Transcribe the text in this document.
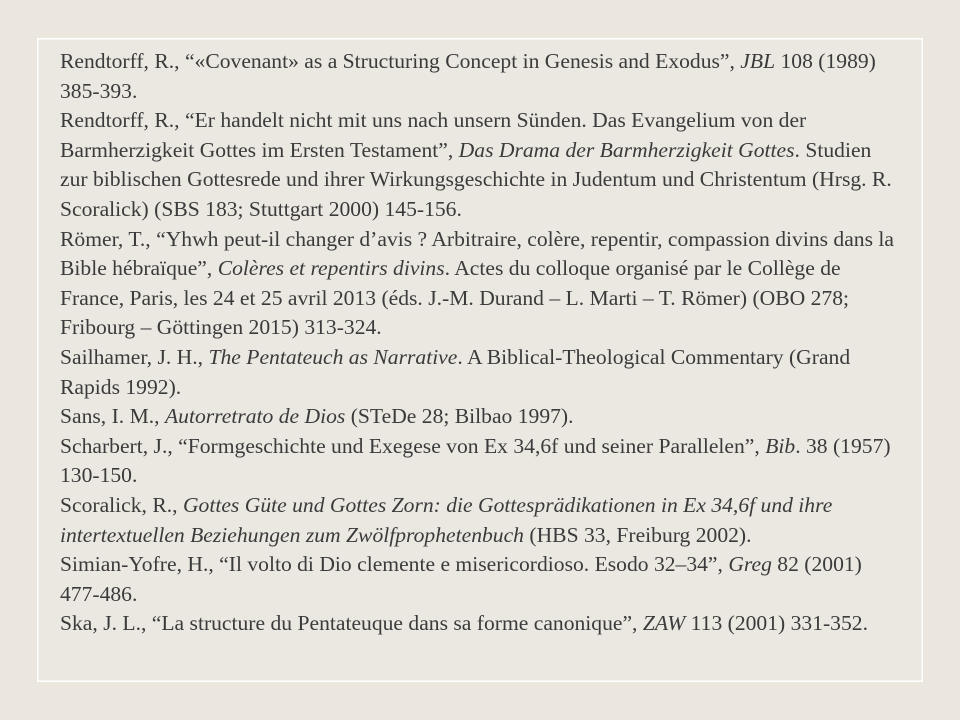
Rendtorff, R., “«Covenant» as a Structuring Concept in Genesis and Exodus”, JBL 108 (1989) 385-393.

Rendtorff, R., “Er handelt nicht mit uns nach unsern Sünden. Das Evangelium von der Barmherzigkeit Gottes im Ersten Testament”, Das Drama der Barmherzigkeit Gottes. Studien zur biblischen Gottesrede und ihrer Wirkungsgeschichte in Judentum und Christentum (Hrsg. R. Scoralick) (SBS 183; Stuttgart 2000) 145-156.

Römer, T., “Yhwh peut-il changer d’avis ? Arbitraire, colère, repentir, compassion divins dans la Bible hébraïque”, Colères et repentirs divins. Actes du colloque organisé par le Collège de France, Paris, les 24 et 25 avril 2013 (éds. J.-M. Durand – L. Marti – T. Römer) (OBO 278; Fribourg – Göttingen 2015) 313-324.

Sailhamer, J. H., The Pentateuch as Narrative. A Biblical-Theological Commentary (Grand Rapids 1992).

Sans, I. M., Autorretrato de Dios (STeDe 28; Bilbao 1997).

Scharbert, J., “Formgeschichte und Exegese von Ex 34,6f und seiner Parallelen”, Bib. 38 (1957) 130-150.

Scoralick, R., Gottes Güte und Gottes Zorn: die Gottesprädikationen in Ex 34,6f und ihre intertextuellen Beziehungen zum Zwölfprophetenbuch (HBS 33, Freiburg 2002).

Simian-Yofre, H., “Il volto di Dio clemente e misericordioso. Esodo 32–34”, Greg 82 (2001) 477-486.

Ska, J. L., “La structure du Pentateuque dans sa forme canonique”, ZAW 113 (2001) 331-352.
